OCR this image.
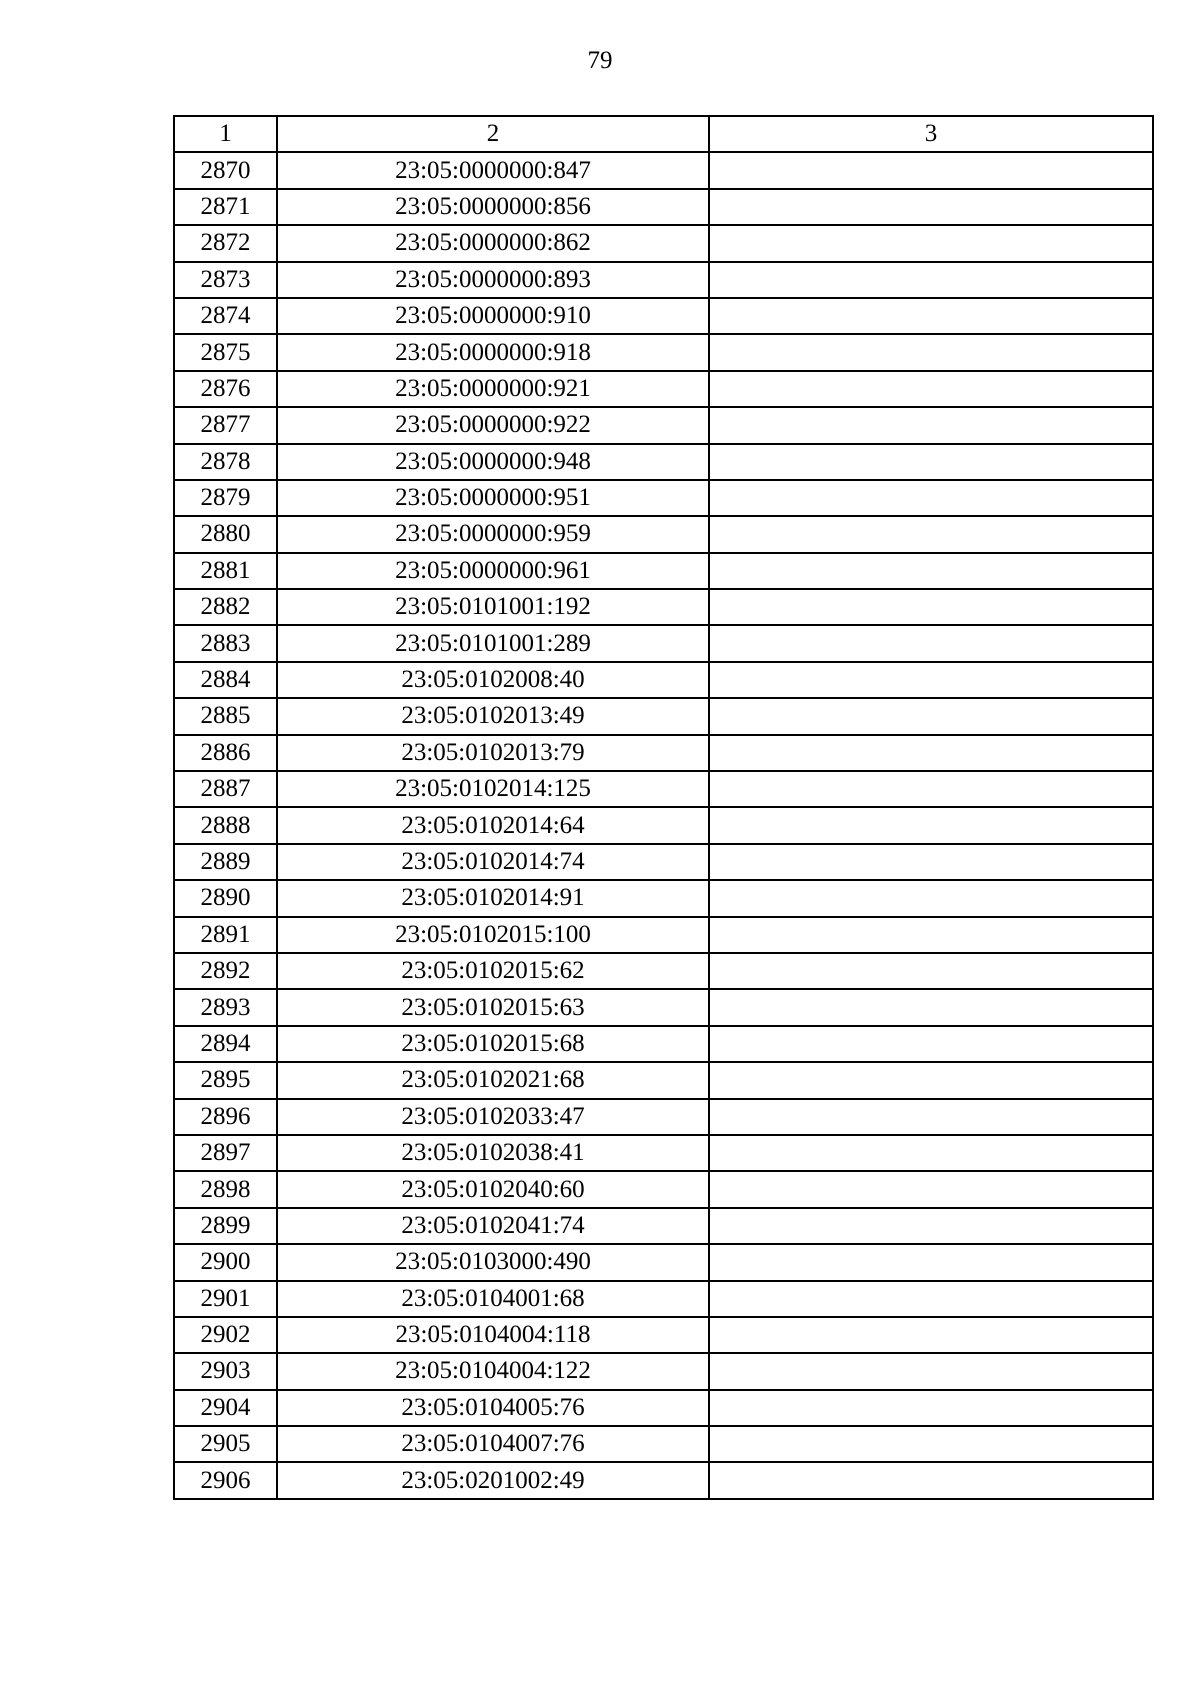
79
1	2	3
2870	23:05:0000000:847	
2871	23:05:0000000:856	
2872	23:05:0000000:862	
2873	23:05:0000000:893	
2874	23:05:0000000:910	
2875	23:05:0000000:918	
2876	23:05:0000000:921	
2877	23:05:0000000:922	
2878	23:05:0000000:948	
2879	23:05:0000000:951	
2880	23:05:0000000:959	
2881	23:05:0000000:961	
2882	23:05:0101001:192	
2883	23:05:0101001:289	
2884	23:05:0102008:40	
2885	23:05:0102013:49	
2886	23:05:0102013:79	
2887	23:05:0102014:125	
2888	23:05:0102014:64	
2889	23:05:0102014:74	
2890	23:05:0102014:91	
2891	23:05:0102015:100	
2892	23:05:0102015:62	
2893	23:05:0102015:63	
2894	23:05:0102015:68	
2895	23:05:0102021:68	
2896	23:05:0102033:47	
2897	23:05:0102038:41	
2898	23:05:0102040:60	
2899	23:05:0102041:74	
2900	23:05:0103000:490	
2901	23:05:0104001:68	
2902	23:05:0104004:118	
2903	23:05:0104004:122	
2904	23:05:0104005:76	
2905	23:05:0104007:76	
2906	23:05:0201002:49	
